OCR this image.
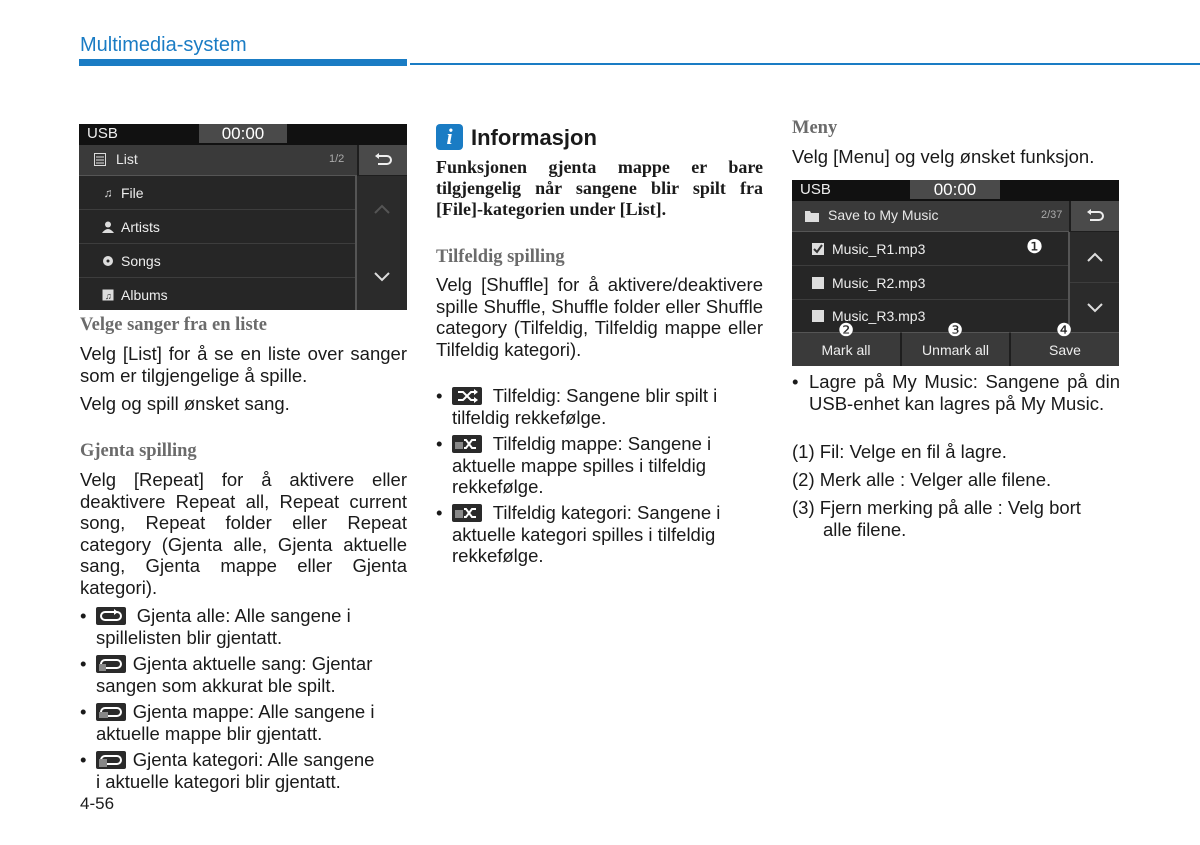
Multimedia-system
USB	00:00
List	1/2
♫ File
Artists
Songs
♫ Albums
Velge sanger fra en liste
Velg [List] for å se en liste over sanger som er tilgjengelige å spille.
Velg og spill ønsket sang.
Gjenta spilling
Velg [Repeat] for å aktivere eller deaktivere Repeat all, Repeat current song, Repeat folder eller Repeat category (Gjenta alle, Gjenta aktuelle sang, Gjenta mappe eller Gjenta kategori).
•	Gjenta alle: Alle sangene i
spillelisten blir gjentatt.
•	Gjenta aktuelle sang: Gjentar
sangen som akkurat ble spilt.
•	Gjenta mappe: Alle sangene i
aktuelle mappe blir gjentatt.
•	Gjenta kategori: Alle sangene
i aktuelle kategori blir gjentatt.
4-56
i Informasjon
Funksjonen gjenta mappe er bare tilgjengelig når sangene blir spilt fra [File]-kategorien under [List].
Tilfeldig spilling
Velg [Shuffle] for å aktivere/deaktivere spille Shuffle, Shuffle folder eller Shuffle category (Tilfeldig, Tilfeldig mappe eller Tilfeldig kategori).
•	Tilfeldig: Sangene blir spilt i
tilfeldig rekkefølge.
•	Tilfeldig mappe: Sangene i
aktuelle mappe spilles i tilfeldig
rekkefølge.
•	Tilfeldig kategori: Sangene i
aktuelle kategori spilles i tilfeldig
rekkefølge.
Meny
Velg [Menu] og velg ønsket funksjon.
USB	00:00
Save to My Music	2/37
Music_R1.mp3
Music_R2.mp3
Music_R3.mp3
Mark all	Unmark all	Save
❶
❷	❸	❹
• Lagre på My Music: Sangene på din USB-enhet kan lagres på My Music.
(1) Fil: Velge en fil å lagre.
(2) Merk alle : Velger alle filene.
(3) Fjern merking på alle : Velg bort
alle filene.
